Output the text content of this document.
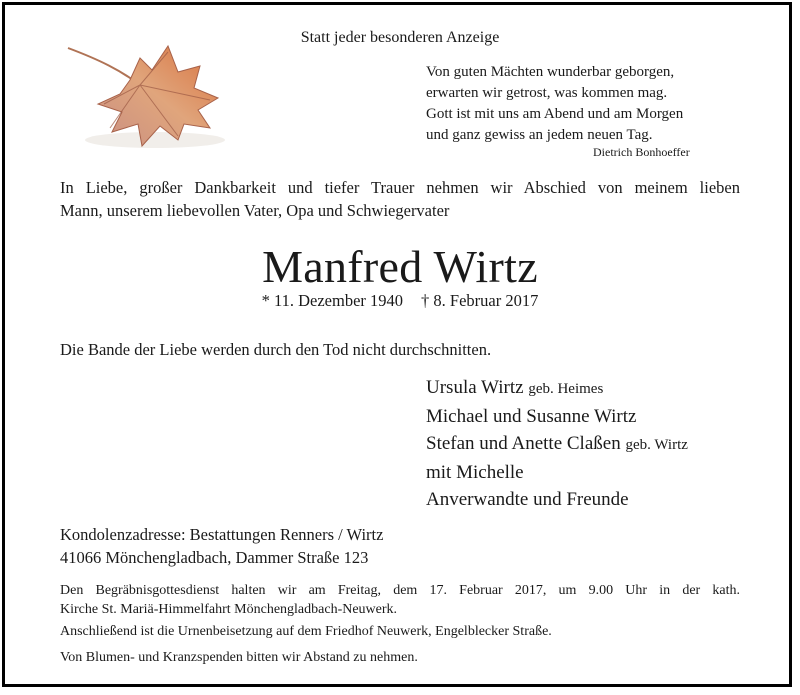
Statt jeder besonderen Anzeige
Von guten Mächten wunderbar geborgen,
erwarten wir getrost, was kommen mag.
Gott ist mit uns am Abend und am Morgen
und ganz gewiss an jedem neuen Tag.
Dietrich Bonhoeffer
In Liebe, großer Dankbarkeit und tiefer Trauer nehmen wir Abschied von meinem lieben
Mann, unserem liebevollen Vater, Opa und Schwiegervater
Manfred Wirtz
* 11. Dezember 1940 † 8. Februar 2017
Die Bande der Liebe werden durch den Tod nicht durchschnitten.
Ursula Wirtz geb. Heimes
Michael und Susanne Wirtz
Stefan und Anette Claßen geb. Wirtz
mit Michelle
Anverwandte und Freunde
Kondolenzadresse: Bestattungen Renners / Wirtz
41066 Mönchengladbach, Dammer Straße 123
Den Begräbnisgottesdienst halten wir am Freitag, dem 17. Februar 2017, um 9.00 Uhr in der kath.
Kirche St. Mariä-Himmelfahrt Mönchengladbach-Neuwerk.
Anschließend ist die Urnenbeisetzung auf dem Friedhof Neuwerk, Engelblecker Straße.
Von Blumen- und Kranzspenden bitten wir Abstand zu nehmen.
